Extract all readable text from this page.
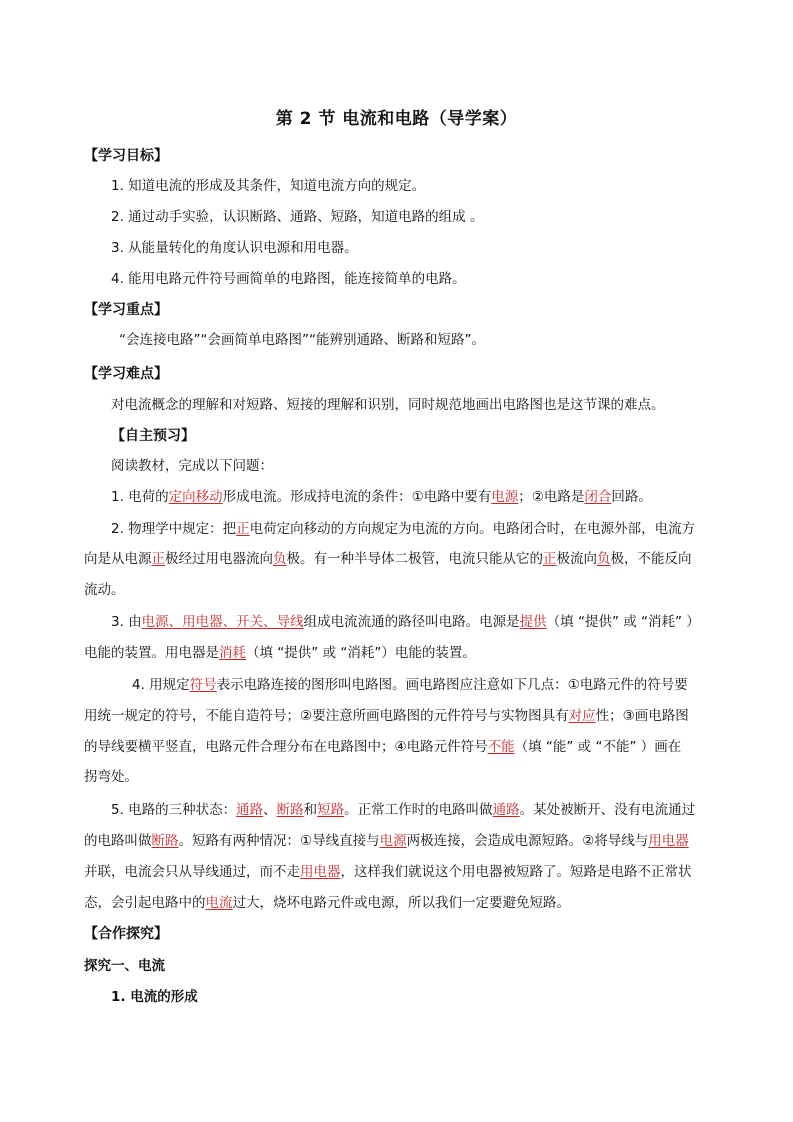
第 2 节 电流和电路（导学案）
【学习目标】
1. 知道电流的形成及其条件，知道电流方向的规定。
2. 通过动手实验，认识断路、通路、短路，知道电路的组成 。
3. 从能量转化的角度认识电源和用电器。
4. 能用电路元件符号画简单的电路图，能连接简单的电路。
【学习重点】
“会连接电路”“会画简单电路图”“能辨别通路、断路和短路”。
【学习难点】
对电流概念的理解和对短路、短接的理解和识别，同时规范地画出电路图也是这节课的难点。
【自主预习】
阅读教材，完成以下问题：
1. 电荷的定向移动形成电流。形成持电流的条件：①电路中要有电源；②电路是闭合回路。
2. 物理学中规定：把正电荷定向移动的方向规定为电流的方向。电路闭合时，在电源外部，电流方
向是从电源正极经过用电器流向负极。有一种半导体二极管，电流只能从它的正极流向负极，不能反向
流动。
3. 由电源、用电器、开关、导线组成电流流通的路径叫电路。电源是提供（填 “提供” 或 “消耗” ）
电能的装置。用电器是消耗（填 “提供” 或 “消耗”）电能的装置。
4. 用规定符号表示电路连接的图形叫电路图。画电路图应注意如下几点：①电路元件的符号要
用统一规定的符号，不能自造符号；②要注意所画电路图的元件符号与实物图具有对应性；③画电路图
的导线要横平竖直，电路元件合理分布在电路图中；④电路元件符号不能（填 “能” 或 “不能” ）画在
拐弯处。
5. 电路的三种状态：通路、断路和短路。正常工作时的电路叫做通路。某处被断开、没有电流通过
的电路叫做断路。短路有两种情况：①导线直接与电源两极连接，会造成电源短路。②将导线与用电器
并联，电流会只从导线通过，而不走用电器，这样我们就说这个用电器被短路了。短路是电路不正常状
态，会引起电路中的电流过大，烧坏电路元件或电源，所以我们一定要避免短路。
【合作探究】
探究一、电流
1. 电流的形成
